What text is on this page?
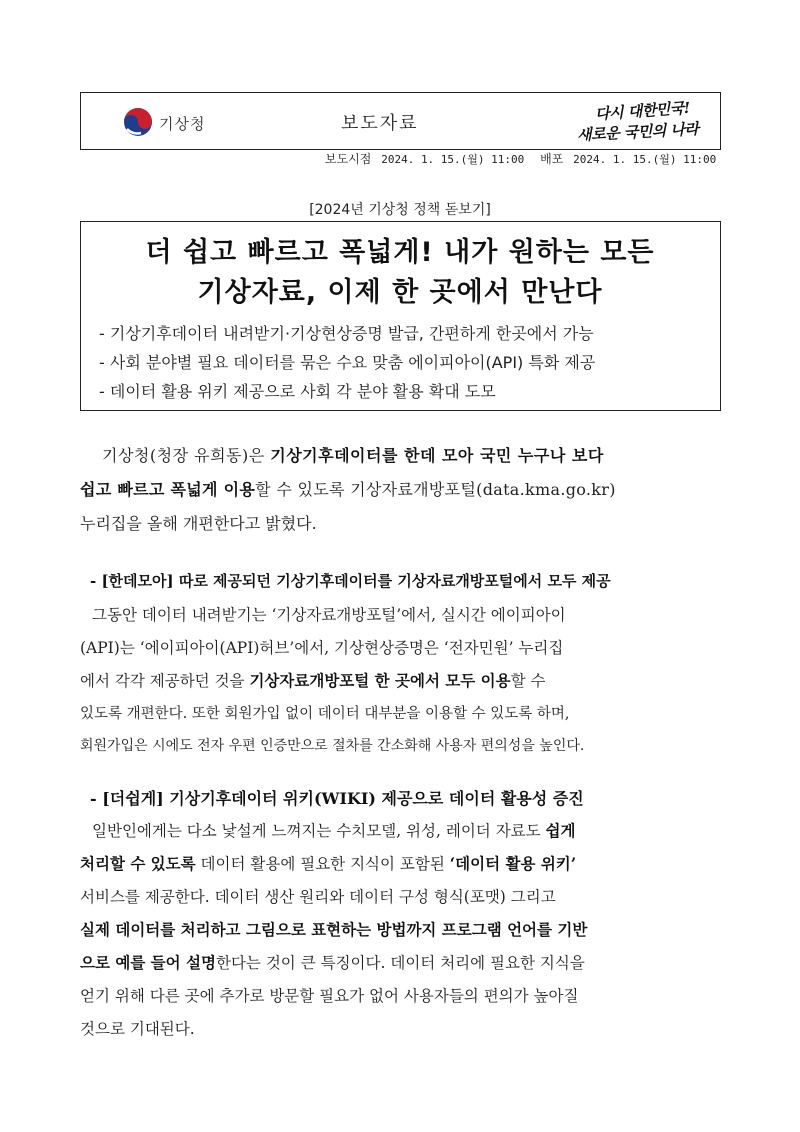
기상청	보도자료
다시 대한민국!
새로운 국민의 나라
보도시점 2024. 1. 15.(월) 11:00 배포 2024. 1. 15.(월) 11:00
[2024년 기상청 정책 돋보기]
더 쉽고 빠르고 폭넓게! 내가 원하는 모든
기상자료, 이제 한 곳에서 만난다
- 기상기후데이터 내려받기·기상현상증명 발급, 간편하게 한곳에서 가능
- 사회 분야별 필요 데이터를 묶은 수요 맞춤 에이피아이(API) 특화 제공
- 데이터 활용 위키 제공으로 사회 각 분야 활용 확대 도모
기상청(청장 유희동)은 기상기후데이터를 한데 모아 국민 누구나 보다
쉽고 빠르고 폭넓게 이용할 수 있도록 기상자료개방포털(data.kma.go.kr)
누리집을 올해 개편한다고 밝혔다.
- [한데모아] 따로 제공되던 기상기후데이터를 기상자료개방포털에서 모두 제공
그동안 데이터 내려받기는 ‘기상자료개방포털’에서, 실시간 에이피아이
(API)는 ‘에이피아이(API)허브’에서, 기상현상증명은 ‘전자민원’ 누리집
에서 각각 제공하던 것을 기상자료개방포털 한 곳에서 모두 이용할 수
있도록 개편한다. 또한 회원가입 없이 데이터 대부분을 이용할 수 있도록 하며,
회원가입은 시에도 전자 우편 인증만으로 절차를 간소화해 사용자 편의성을 높인다.
- [더쉽게] 기상기후데이터 위키(WIKI) 제공으로 데이터 활용성 증진
일반인에게는 다소 낯설게 느껴지는 수치모델, 위성, 레이더 자료도 쉽게
처리할 수 있도록 데이터 활용에 필요한 지식이 포함된 ‘데이터 활용 위키’
서비스를 제공한다. 데이터 생산 원리와 데이터 구성 형식(포맷) 그리고
실제 데이터를 처리하고 그림으로 표현하는 방법까지 프로그램 언어를 기반
으로 예를 들어 설명한다는 것이 큰 특징이다. 데이터 처리에 필요한 지식을
얻기 위해 다른 곳에 추가로 방문할 필요가 없어 사용자들의 편의가 높아질
것으로 기대된다.
